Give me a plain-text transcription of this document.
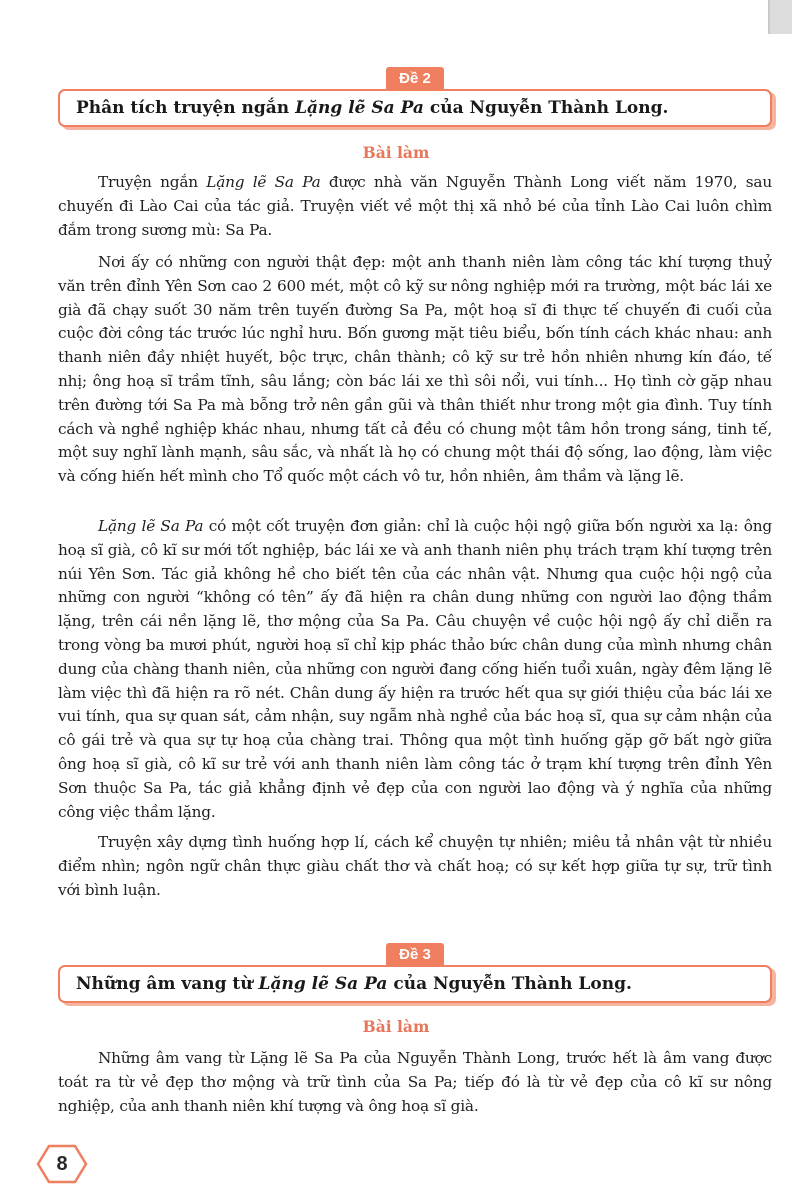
Đề 2
Phân tích truyện ngắn Lặng lẽ Sa Pa của Nguyễn Thành Long.
Bài làm

Truyện ngắn Lặng lẽ Sa Pa được nhà văn Nguyễn Thành Long viết năm 1970, sau chuyến đi Lào Cai của tác giả. Truyện viết về một thị xã nhỏ bé của tỉnh Lào Cai luôn chìm đắm trong sương mù: Sa Pa.

Nơi ấy có những con người thật đẹp: một anh thanh niên làm công tác khí tượng thuỷ văn trên đỉnh Yên Sơn cao 2 600 mét, một cô kỹ sư nông nghiệp mới ra trường, một bác lái xe già đã chạy suốt 30 năm trên tuyến đường Sa Pa, một hoạ sĩ đi thực tế chuyến đi cuối của cuộc đời công tác trước lúc nghỉ hưu. Bốn gương mặt tiêu biểu, bốn tính cách khác nhau: anh thanh niên đầy nhiệt huyết, bộc trực, chân thành; cô kỹ sư trẻ hồn nhiên nhưng kín đáo, tế nhị; ông hoạ sĩ trầm tĩnh, sâu lắng; còn bác lái xe thì sôi nổi, vui tính... Họ tình cờ gặp nhau trên đường tới Sa Pa mà bỗng trở nên gần gũi và thân thiết như trong một gia đình. Tuy tính cách và nghề nghiệp khác nhau, nhưng tất cả đều có chung một tâm hồn trong sáng, tinh tế, một suy nghĩ lành mạnh, sâu sắc, và nhất là họ có chung một thái độ sống, lao động, làm việc và cống hiến hết mình cho Tổ quốc một cách vô tư, hồn nhiên, âm thầm và lặng lẽ.

Lặng lẽ Sa Pa có một cốt truyện đơn giản: chỉ là cuộc hội ngộ giữa bốn người xa lạ: ông hoạ sĩ già, cô kĩ sư mới tốt nghiệp, bác lái xe và anh thanh niên phụ trách trạm khí tượng trên núi Yên Sơn. Tác giả không hề cho biết tên của các nhân vật. Nhưng qua cuộc hội ngộ của những con người “không có tên” ấy đã hiện ra chân dung những con người lao động thầm lặng, trên cái nền lặng lẽ, thơ mộng của Sa Pa. Câu chuyện về cuộc hội ngộ ấy chỉ diễn ra trong vòng ba mươi phút, người hoạ sĩ chỉ kịp phác thảo bức chân dung của mình nhưng chân dung của chàng thanh niên, của những con người đang cống hiến tuổi xuân, ngày đêm lặng lẽ làm việc thì đã hiện ra rõ nét. Chân dung ấy hiện ra trước hết qua sự giới thiệu của bác lái xe vui tính, qua sự quan sát, cảm nhận, suy ngẫm nhà nghề của bác hoạ sĩ, qua sự cảm nhận của cô gái trẻ và qua sự tự hoạ của chàng trai. Thông qua một tình huống gặp gỡ bất ngờ giữa ông hoạ sĩ già, cô kĩ sư trẻ với anh thanh niên làm công tác ở trạm khí tượng trên đỉnh Yên Sơn thuộc Sa Pa, tác giả khẳng định vẻ đẹp của con người lao động và ý nghĩa của những công việc thầm lặng.

Truyện xây dựng tình huống hợp lí, cách kể chuyện tự nhiên; miêu tả nhân vật từ nhiều điểm nhìn; ngôn ngữ chân thực giàu chất thơ và chất hoạ; có sự kết hợp giữa tự sự, trữ tình với bình luận.

Đề 3
Những âm vang từ Lặng lẽ Sa Pa của Nguyễn Thành Long.
Bài làm

Những âm vang từ Lặng lẽ Sa Pa của Nguyễn Thành Long, trước hết là âm vang được toát ra từ vẻ đẹp thơ mộng và trữ tình của Sa Pa; tiếp đó là từ vẻ đẹp của cô kĩ sư nông nghiệp, của anh thanh niên khí tượng và ông hoạ sĩ già.

8
